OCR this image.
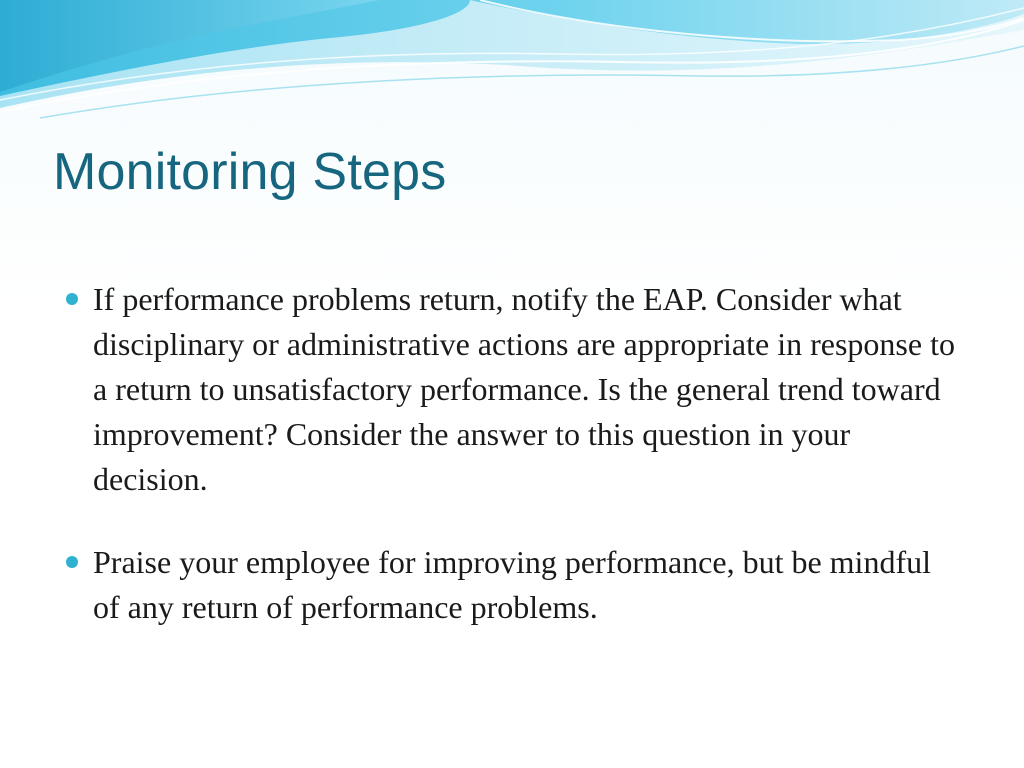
Monitoring Steps
If performance problems return, notify the EAP. Consider what disciplinary or administrative actions are appropriate in response to a return to unsatisfactory performance. Is the general trend toward improvement? Consider the answer to this question in your decision.
Praise your employee for improving performance, but be mindful of any return of performance problems.
